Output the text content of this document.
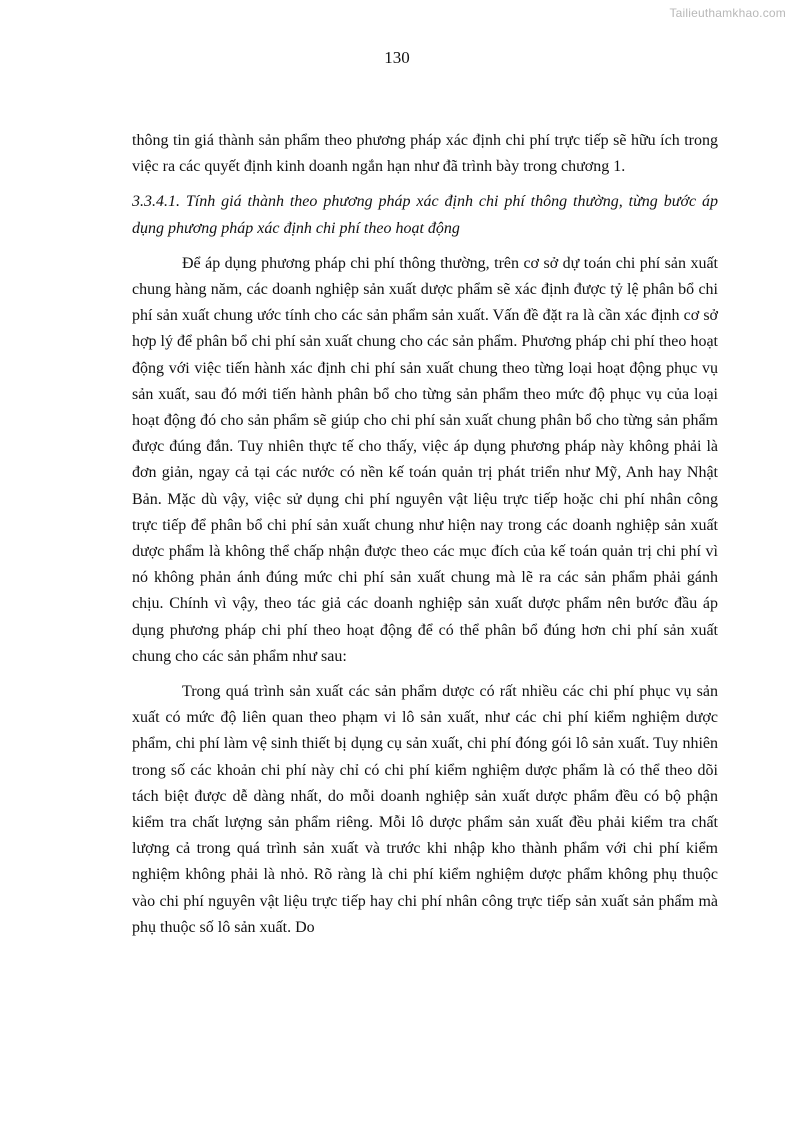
Tailieuthamkhao.com
130

thông tin giá thành sản phẩm theo phương pháp xác định chi phí trực tiếp sẽ hữu ích trong việc ra các quyết định kinh doanh ngắn hạn như đã trình bày trong chương 1.

3.3.4.1. Tính giá thành theo phương pháp xác định chi phí thông thường, từng bước áp dụng phương pháp xác định chi phí theo hoạt động

Để áp dụng phương pháp chi phí thông thường, trên cơ sở dự toán chi phí sản xuất chung hàng năm, các doanh nghiệp sản xuất dược phẩm sẽ xác định được tỷ lệ phân bổ chi phí sản xuất chung ước tính cho các sản phẩm sản xuất. Vấn đề đặt ra là cần xác định cơ sở hợp lý để phân bổ chi phí sản xuất chung cho các sản phẩm. Phương pháp chi phí theo hoạt động với việc tiến hành xác định chi phí sản xuất chung theo từng loại hoạt động phục vụ sản xuất, sau đó mới tiến hành phân bổ cho từng sản phẩm theo mức độ phục vụ của loại hoạt động đó cho sản phẩm sẽ giúp cho chi phí sản xuất chung phân bổ cho từng sản phẩm được đúng đắn. Tuy nhiên thực tế cho thấy, việc áp dụng phương pháp này không phải là đơn giản, ngay cả tại các nước có nền kế toán quản trị phát triển như Mỹ, Anh hay Nhật Bản. Mặc dù vậy, việc sử dụng chi phí nguyên vật liệu trực tiếp hoặc chi phí nhân công trực tiếp để phân bổ chi phí sản xuất chung như hiện nay trong các doanh nghiệp sản xuất dược phẩm là không thể chấp nhận được theo các mục đích của kế toán quản trị chi phí vì nó không phản ánh đúng mức chi phí sản xuất chung mà lẽ ra các sản phẩm phải gánh chịu. Chính vì vậy, theo tác giả các doanh nghiệp sản xuất dược phẩm nên bước đầu áp dụng phương pháp chi phí theo hoạt động để có thể phân bổ đúng hơn chi phí sản xuất chung cho các sản phẩm như sau:

Trong quá trình sản xuất các sản phẩm dược có rất nhiều các chi phí phục vụ sản xuất có mức độ liên quan theo phạm vi lô sản xuất, như các chi phí kiểm nghiệm dược phẩm, chi phí làm vệ sinh thiết bị dụng cụ sản xuất, chi phí đóng gói lô sản xuất. Tuy nhiên trong số các khoản chi phí này chỉ có chi phí kiểm nghiệm dược phẩm là có thể theo dõi tách biệt được dễ dàng nhất, do mỗi doanh nghiệp sản xuất dược phẩm đều có bộ phận kiểm tra chất lượng sản phẩm riêng. Mỗi lô dược phẩm sản xuất đều phải kiểm tra chất lượng cả trong quá trình sản xuất và trước khi nhập kho thành phẩm với chi phí kiểm nghiệm không phải là nhỏ. Rõ ràng là chi phí kiểm nghiệm dược phẩm không phụ thuộc vào chi phí nguyên vật liệu trực tiếp hay chi phí nhân công trực tiếp sản xuất sản phẩm mà phụ thuộc số lô sản xuất. Do
